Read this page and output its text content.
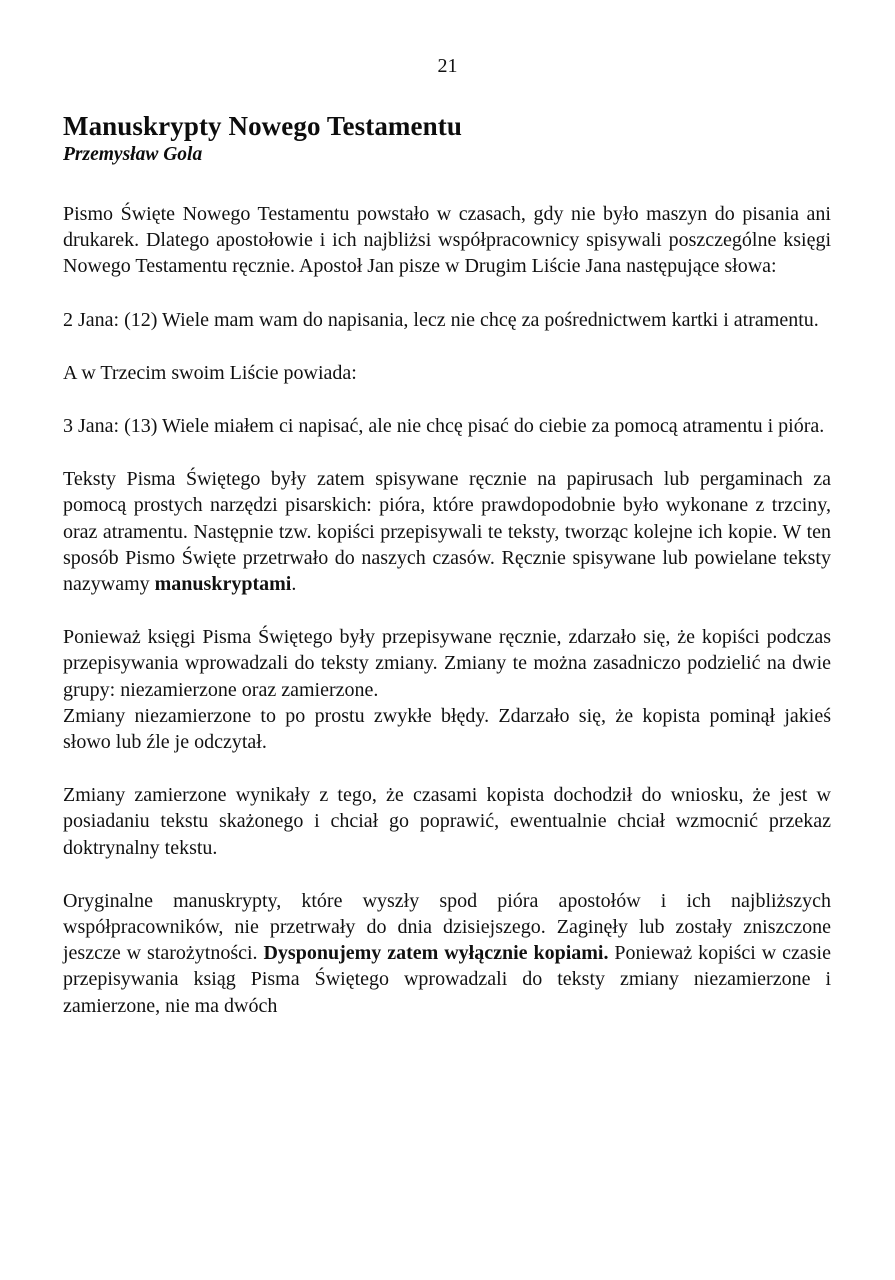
21
Manuskrypty Nowego Testamentu
Przemysław Gola

Pismo Święte Nowego Testamentu powstało w czasach, gdy nie było maszyn do pisania ani drukarek. Dlatego apostołowie i ich najbliżsi współpracownicy spisywali poszczególne księgi Nowego Testamentu ręcznie. Apostoł Jan pisze w Drugim Liście Jana następujące słowa:

2 Jana: (12) Wiele mam wam do napisania, lecz nie chcę za pośrednictwem kartki i atramentu.

A w Trzecim swoim Liście powiada:

3 Jana: (13) Wiele miałem ci napisać, ale nie chcę pisać do ciebie za pomocą atramentu i pióra.

Teksty Pisma Świętego były zatem spisywane ręcznie na papirusach lub pergaminach za pomocą prostych narzędzi pisarskich: pióra, które prawdopodobnie było wykonane z trzciny, oraz atramentu. Następnie tzw. kopiści przepisywali te teksty, tworząc kolejne ich kopie. W ten sposób Pismo Święte przetrwało do naszych czasów. Ręcznie spisywane lub powielane teksty nazywamy manuskryptami.

Ponieważ księgi Pisma Świętego były przepisywane ręcznie, zdarzało się, że kopiści podczas przepisywania wprowadzali do teksty zmiany. Zmiany te można zasadniczo podzielić na dwie grupy: niezamierzone oraz zamierzone.

Zmiany niezamierzone to po prostu zwykłe błędy. Zdarzało się, że kopista pominął jakieś słowo lub źle je odczytał.

Zmiany zamierzone wynikały z tego, że czasami kopista dochodził do wniosku, że jest w posiadaniu tekstu skażonego i chciał go poprawić, ewentualnie chciał wzmocnić przekaz doktrynalny tekstu.

Oryginalne manuskrypty, które wyszły spod pióra apostołów i ich najbliższych współpracowników, nie przetrwały do dnia dzisiejszego. Zaginęły lub zostały zniszczone jeszcze w starożytności. Dysponujemy zatem wyłącznie kopiami. Ponieważ kopiści w czasie przepisywania ksiąg Pisma Świętego wprowadzali do teksty zmiany niezamierzone i zamierzone, nie ma dwóch
